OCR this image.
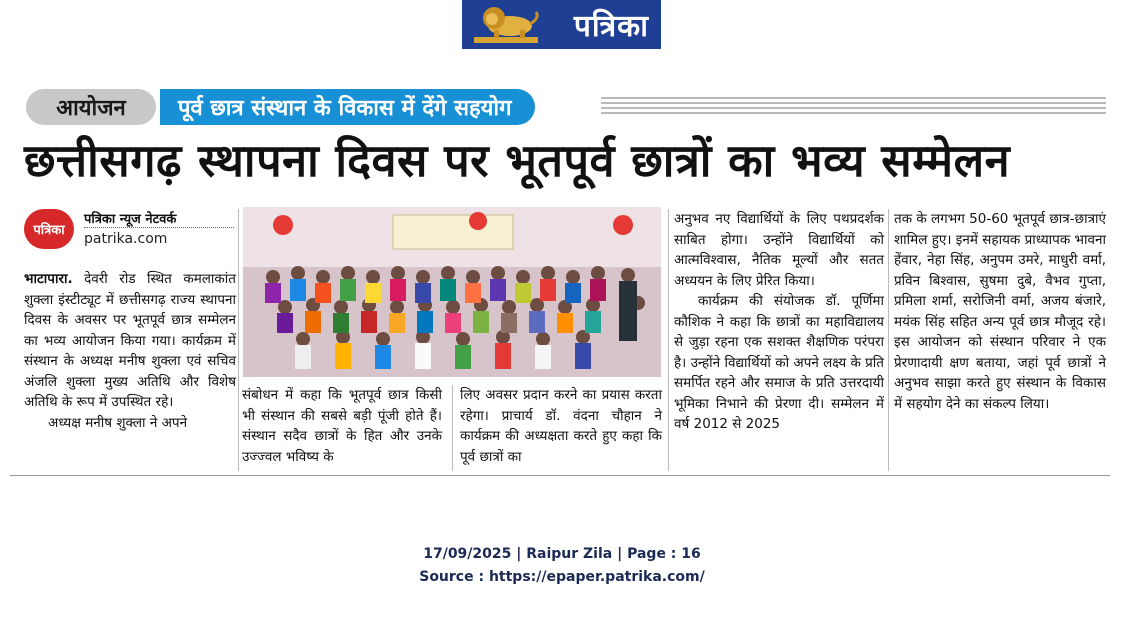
पत्रिका
आयोजन	पूर्व छात्र संस्थान के विकास में देंगे सहयोग
छत्तीसगढ़ स्थापना दिवस पर भूतपूर्व छात्रों का भव्य सम्मेलन
पत्रिका
पत्रिका न्यूज नेटवर्क
patrika.com

भाटापारा. देवरी रोड स्थित कमलाकांत शुक्ला इंस्टीट्यूट में छत्तीसगढ़ राज्य स्थापना दिवस के अवसर पर भूतपूर्व छात्र सम्मेलन का भव्य आयोजन किया गया। कार्यक्रम में संस्थान के अध्यक्ष मनीष शुक्ला एवं सचिव अंजलि शुक्ला मुख्य अतिथि और विशेष अतिथि के रूप में उपस्थित रहे।

अध्यक्ष मनीष शुक्ला ने अपने

संबोधन में कहा कि भूतपूर्व छात्र किसी भी संस्थान की सबसे बड़ी पूंजी होते हैं। संस्थान सदैव छात्रों के हित और उनके उज्ज्वल भविष्य के

लिए अवसर प्रदान करने का प्रयास करता रहेगा। प्राचार्य डॉ. वंदना चौहान ने कार्यक्रम की अध्यक्षता करते हुए कहा कि पूर्व छात्रों का

अनुभव नए विद्यार्थियों के लिए पथप्रदर्शक साबित होगा। उन्होंने विद्यार्थियों को आत्मविश्वास, नैतिक मूल्यों और सतत अध्ययन के लिए प्रेरित किया।

कार्यक्रम की संयोजक डॉ. पूर्णिमा कौशिक ने कहा कि छात्रों का महाविद्यालय से जुड़ा रहना एक सशक्त शैक्षणिक परंपरा है। उन्होंने विद्यार्थियों को अपने लक्ष्य के प्रति समर्पित रहने और समाज के प्रति उत्तरदायी भूमिका निभाने की प्रेरणा दी। सम्मेलन में वर्ष 2012 से 2025

तक के लगभग 50-60 भूतपूर्व छात्र-छात्राएं शामिल हुए। इनमें सहायक प्राध्यापक भावना हेंवार, नेहा सिंह, अनुपम उमरे, माधुरी वर्मा, प्रविन बिश्वास, सुषमा दुबे, वैभव गुप्ता, प्रमिला शर्मा, सरोजिनी वर्मा, अजय बंजारे, मयंक सिंह सहित अन्य पूर्व छात्र मौजूद रहे। इस आयोजन को संस्थान परिवार ने एक प्रेरणादायी क्षण बताया, जहां पूर्व छात्रों ने अनुभव साझा करते हुए संस्थान के विकास में सहयोग देने का संकल्प लिया।

17/09/2025 | Raipur Zila | Page : 16
Source : https://epaper.patrika.com/
